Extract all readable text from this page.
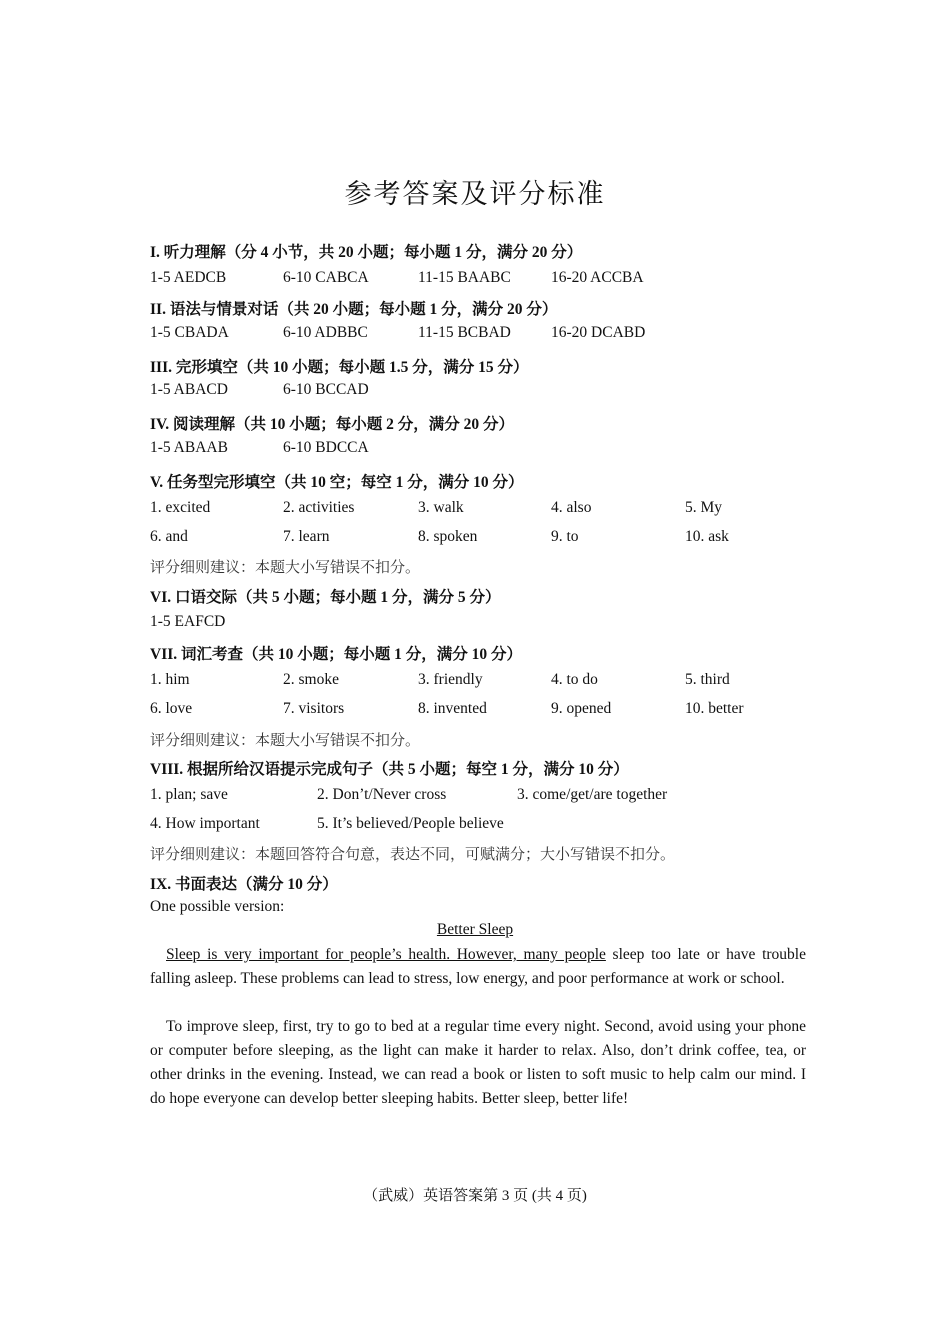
参考答案及评分标准
I. 听力理解（分 4 小节，共 20 小题；每小题 1 分，满分 20 分）
1-5 AEDCB	6-10 CABCA	11-15 BAABC	16-20 ACCBA
II. 语法与情景对话（共 20 小题；每小题 1 分，满分 20 分）
1-5 CBADA	6-10 ADBBC	11-15 BCBAD	16-20 DCABD
III. 完形填空（共 10 小题；每小题 1.5 分，满分 15 分）
1-5 ABACD	6-10 BCCAD
IV. 阅读理解（共 10 小题；每小题 2 分，满分 20 分）
1-5 ABAAB	6-10 BDCCA
V. 任务型完形填空（共 10 空；每空 1 分，满分 10 分）
1. excited	2. activities	3. walk	4. also	5. My
6. and	7. learn	8. spoken	9. to	10. ask
评分细则建议：本题大小写错误不扣分。
VI. 口语交际（共 5 小题；每小题 1 分，满分 5 分）
1-5 EAFCD
VII. 词汇考查（共 10 小题；每小题 1 分，满分 10 分）
1. him	2. smoke	3. friendly	4. to do	5. third
6. love	7. visitors	8. invented	9. opened	10. better
评分细则建议：本题大小写错误不扣分。
VIII. 根据所给汉语提示完成句子（共 5 小题；每空 1 分，满分 10 分）
1. plan; save	2. Don’t/Never cross	3. come/get/are together
4. How important	5. It’s believed/People believe
评分细则建议：本题回答符合句意，表达不同，可赋满分；大小写错误不扣分。
IX. 书面表达（满分 10 分）
One possible version:
Better Sleep
Sleep is very important for people’s health. However, many people sleep too late or have trouble falling asleep. These problems can lead to stress, low energy, and poor performance at work or school.
To improve sleep, first, try to go to bed at a regular time every night. Second, avoid using your phone or computer before sleeping, as the light can make it harder to relax. Also, don’t drink coffee, tea, or other drinks in the evening. Instead, we can read a book or listen to soft music to help calm our mind. I do hope everyone can develop better sleeping habits. Better sleep, better life!
（武威）英语答案第 3 页 (共 4 页)
